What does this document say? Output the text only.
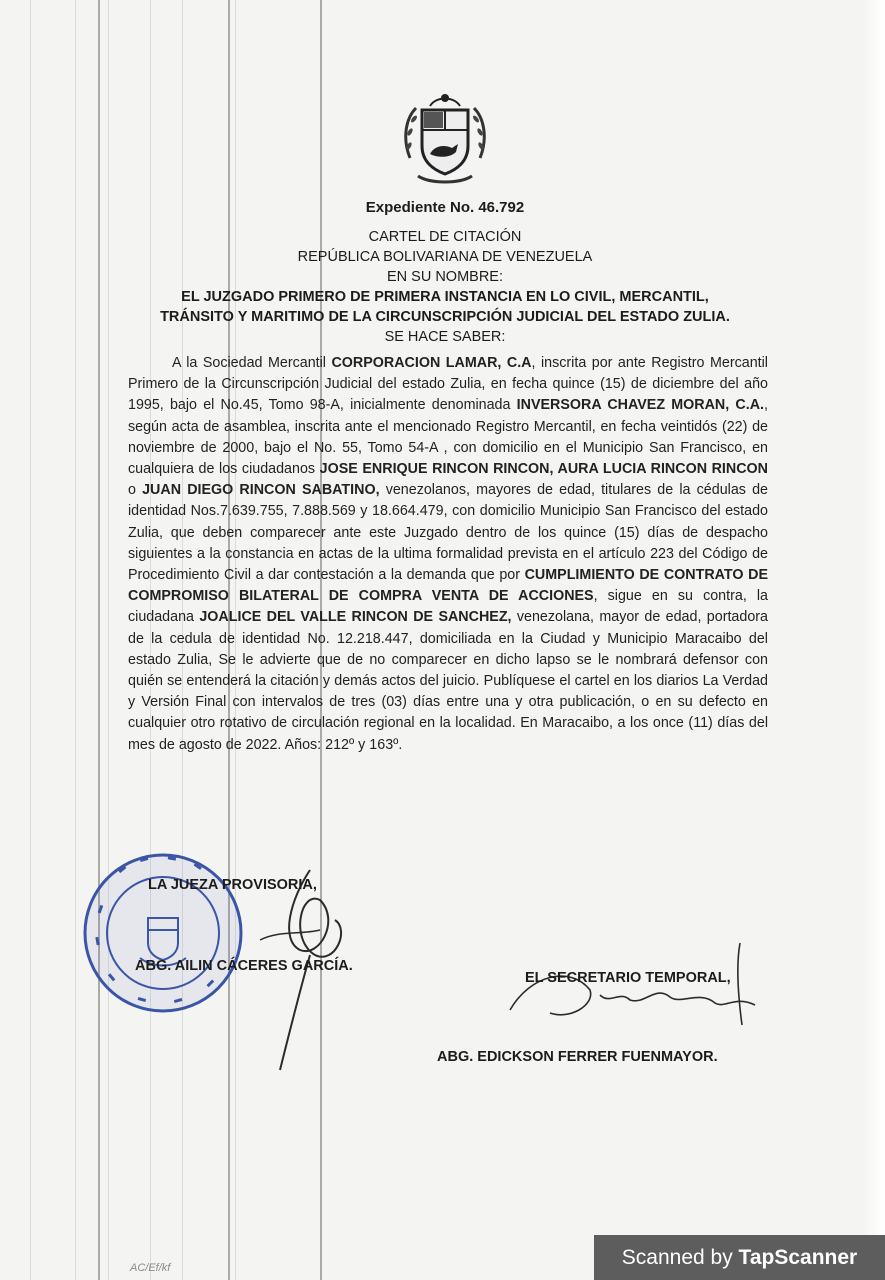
Expediente No. 46.792
CARTEL DE CITACIÓN
REPÚBLICA BOLIVARIANA DE VENEZUELA
EN SU NOMBRE:
EL JUZGADO PRIMERO DE PRIMERA INSTANCIA EN LO CIVIL, MERCANTIL,
TRÁNSITO Y MARITIMO DE LA CIRCUNSCRIPCIÓN JUDICIAL DEL ESTADO ZULIA.
SE HACE SABER:
A la Sociedad Mercantil CORPORACION LAMAR, C.A, inscrita por ante Registro Mercantil Primero de la Circunscripción Judicial del estado Zulia, en fecha quince (15) de diciembre del año 1995, bajo el No.45, Tomo 98-A, inicialmente denominada INVERSORA CHAVEZ MORAN, C.A., según acta de asamblea, inscrita ante el mencionado Registro Mercantil, en fecha veintidós (22) de noviembre de 2000, bajo el No. 55, Tomo 54-A , con domicilio en el Municipio San Francisco, en cualquiera de los ciudadanos JOSE ENRIQUE RINCON RINCON, AURA LUCIA RINCON RINCON o JUAN DIEGO RINCON SABATINO, venezolanos, mayores de edad, titulares de la cédulas de identidad Nos.7.639.755, 7.888.569 y 18.664.479, con domicilio Municipio San Francisco del estado Zulia, que deben comparecer ante este Juzgado dentro de los quince (15) días de despacho siguientes a la constancia en actas de la ultima formalidad prevista en el artículo 223 del Código de Procedimiento Civil a dar contestación a la demanda que por CUMPLIMIENTO DE CONTRATO DE COMPROMISO BILATERAL DE COMPRA VENTA DE ACCIONES, sigue en su contra, la ciudadana JOALICE DEL VALLE RINCON DE SANCHEZ, venezolana, mayor de edad, portadora de la cedula de identidad No. 12.218.447, domiciliada en la Ciudad y Municipio Maracaibo del estado Zulia, Se le advierte que de no comparecer en dicho lapso se le nombrará defensor con quién se entenderá la citación y demás actos del juicio. Publíquese el cartel en los diarios La Verdad y Versión Final con intervalos de tres (03) días entre una y otra publicación, o en su defecto en cualquier otro rotativo de circulación regional en la localidad. En Maracaibo, a los once (11) días del mes de agosto de 2022. Años: 212º y 163º.
LA JUEZA PROVISORIA,
ABG. AILIN CÁCERES GARCÍA.
EL SECRETARIO TEMPORAL,
ABG. EDICKSON FERRER FUENMAYOR.
AC/Ef/kf	Scanned by TapScanner
